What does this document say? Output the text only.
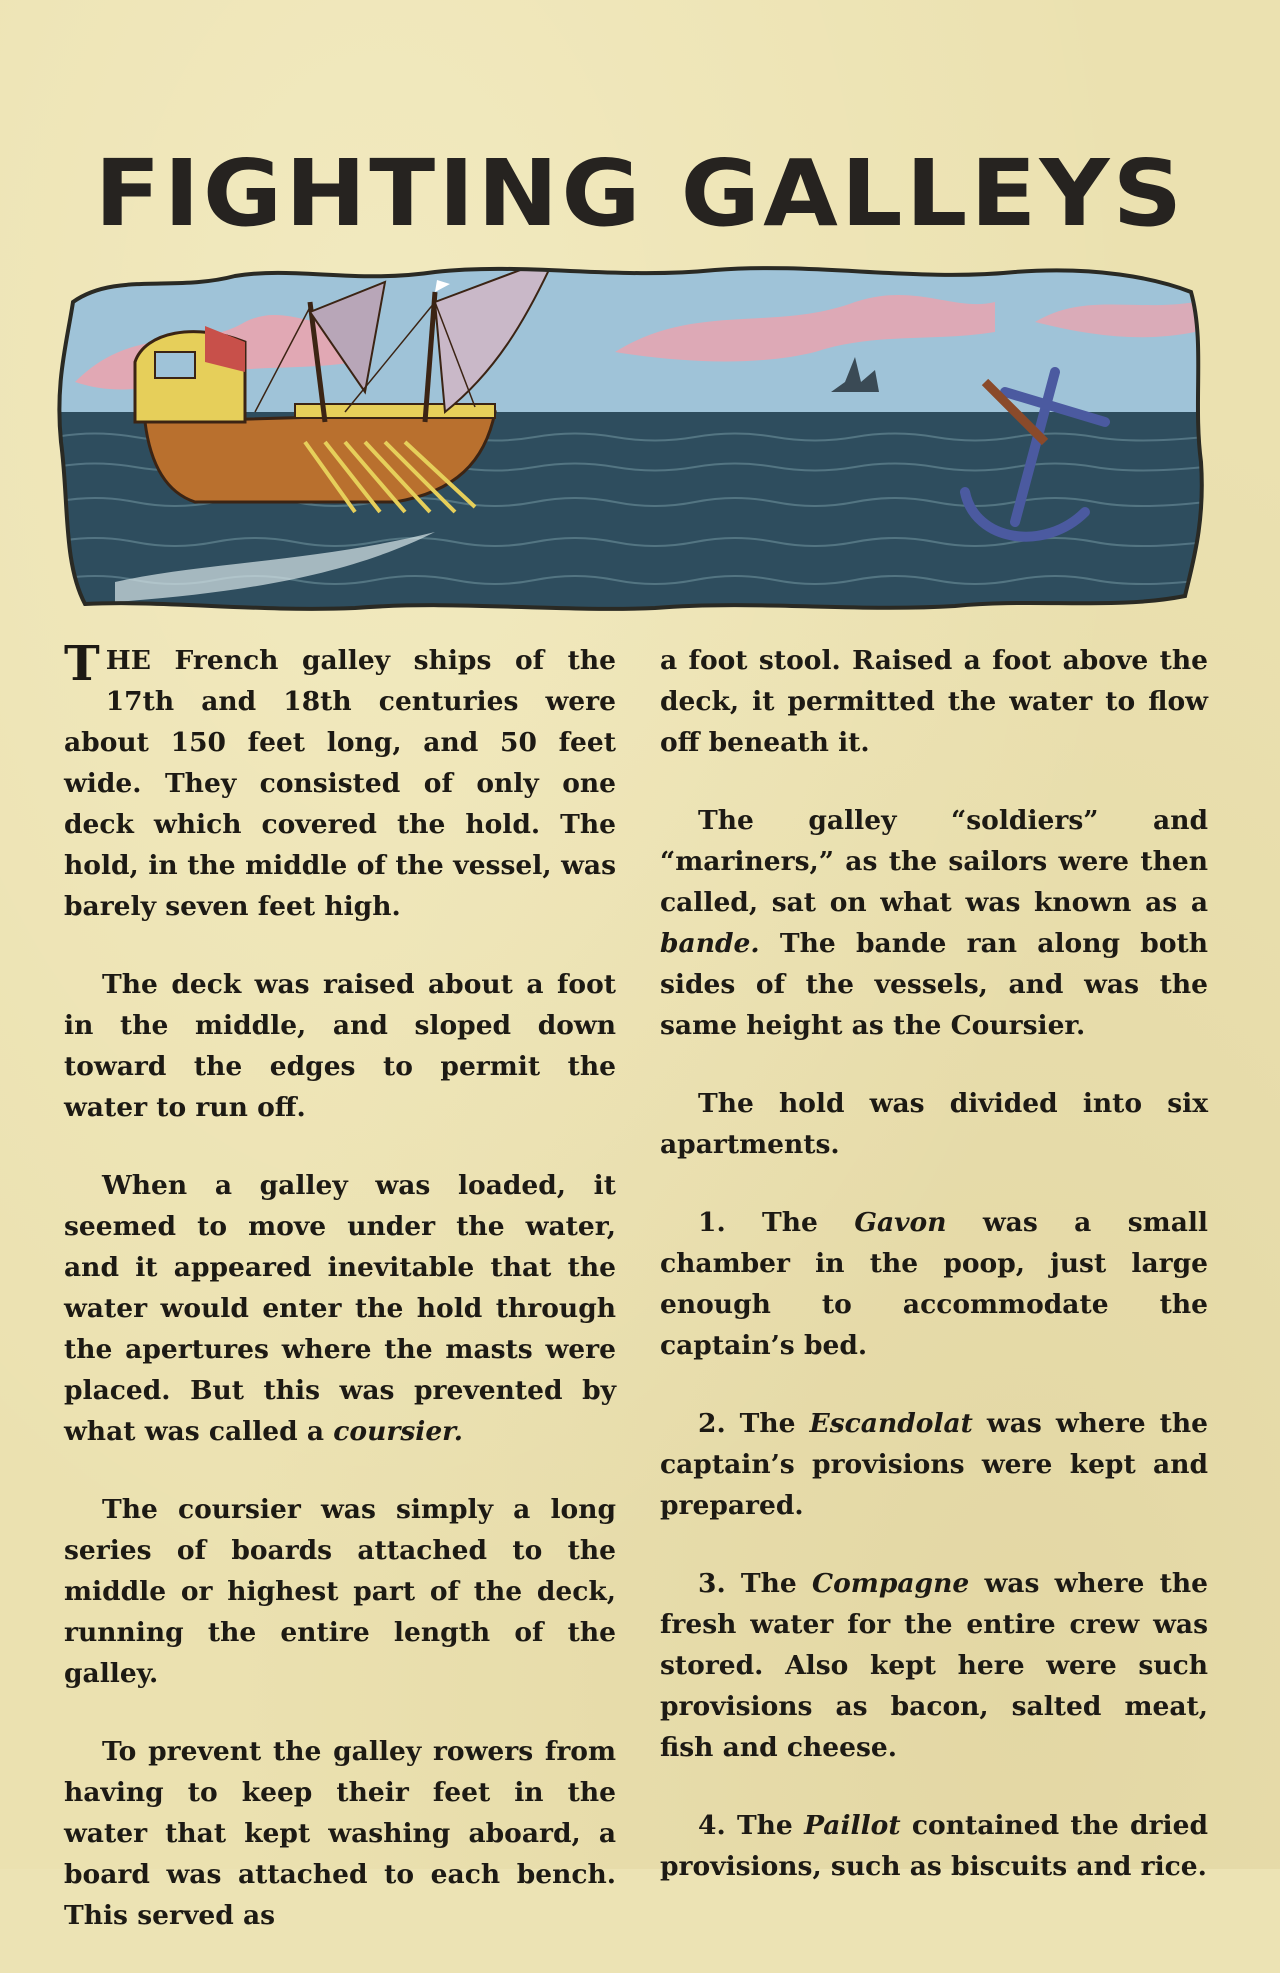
FIGHTING GALLEYS

THE French galley ships of the 17th and 18th centuries were about 150 feet long, and 50 feet wide. They consisted of only one deck which covered the hold. The hold, in the middle of the vessel, was barely seven feet high.

The deck was raised about a foot in the middle, and sloped down toward the edges to permit the water to run off.

When a galley was loaded, it seemed to move under the water, and it appeared inevitable that the water would enter the hold through the apertures where the masts were placed. But this was prevented by what was called a coursier.

The coursier was simply a long series of boards attached to the middle or highest part of the deck, running the entire length of the galley.

To prevent the galley rowers from having to keep their feet in the water that kept washing aboard, a board was attached to each bench. This served as

a foot stool. Raised a foot above the deck, it permitted the water to flow off beneath it.

The galley “soldiers” and “mariners,” as the sailors were then called, sat on what was known as a bande. The bande ran along both sides of the vessels, and was the same height as the Coursier.

The hold was divided into six apartments.

1. The Gavon was a small chamber in the poop, just large enough to accommodate the captain’s bed.

2. The Escandolat was where the captain’s provisions were kept and prepared.

3. The Compagne was where the fresh water for the entire crew was stored. Also kept here were such provisions as bacon, salted meat, fish and cheese.

4. The Paillot contained the dried provisions, such as biscuits and rice.
